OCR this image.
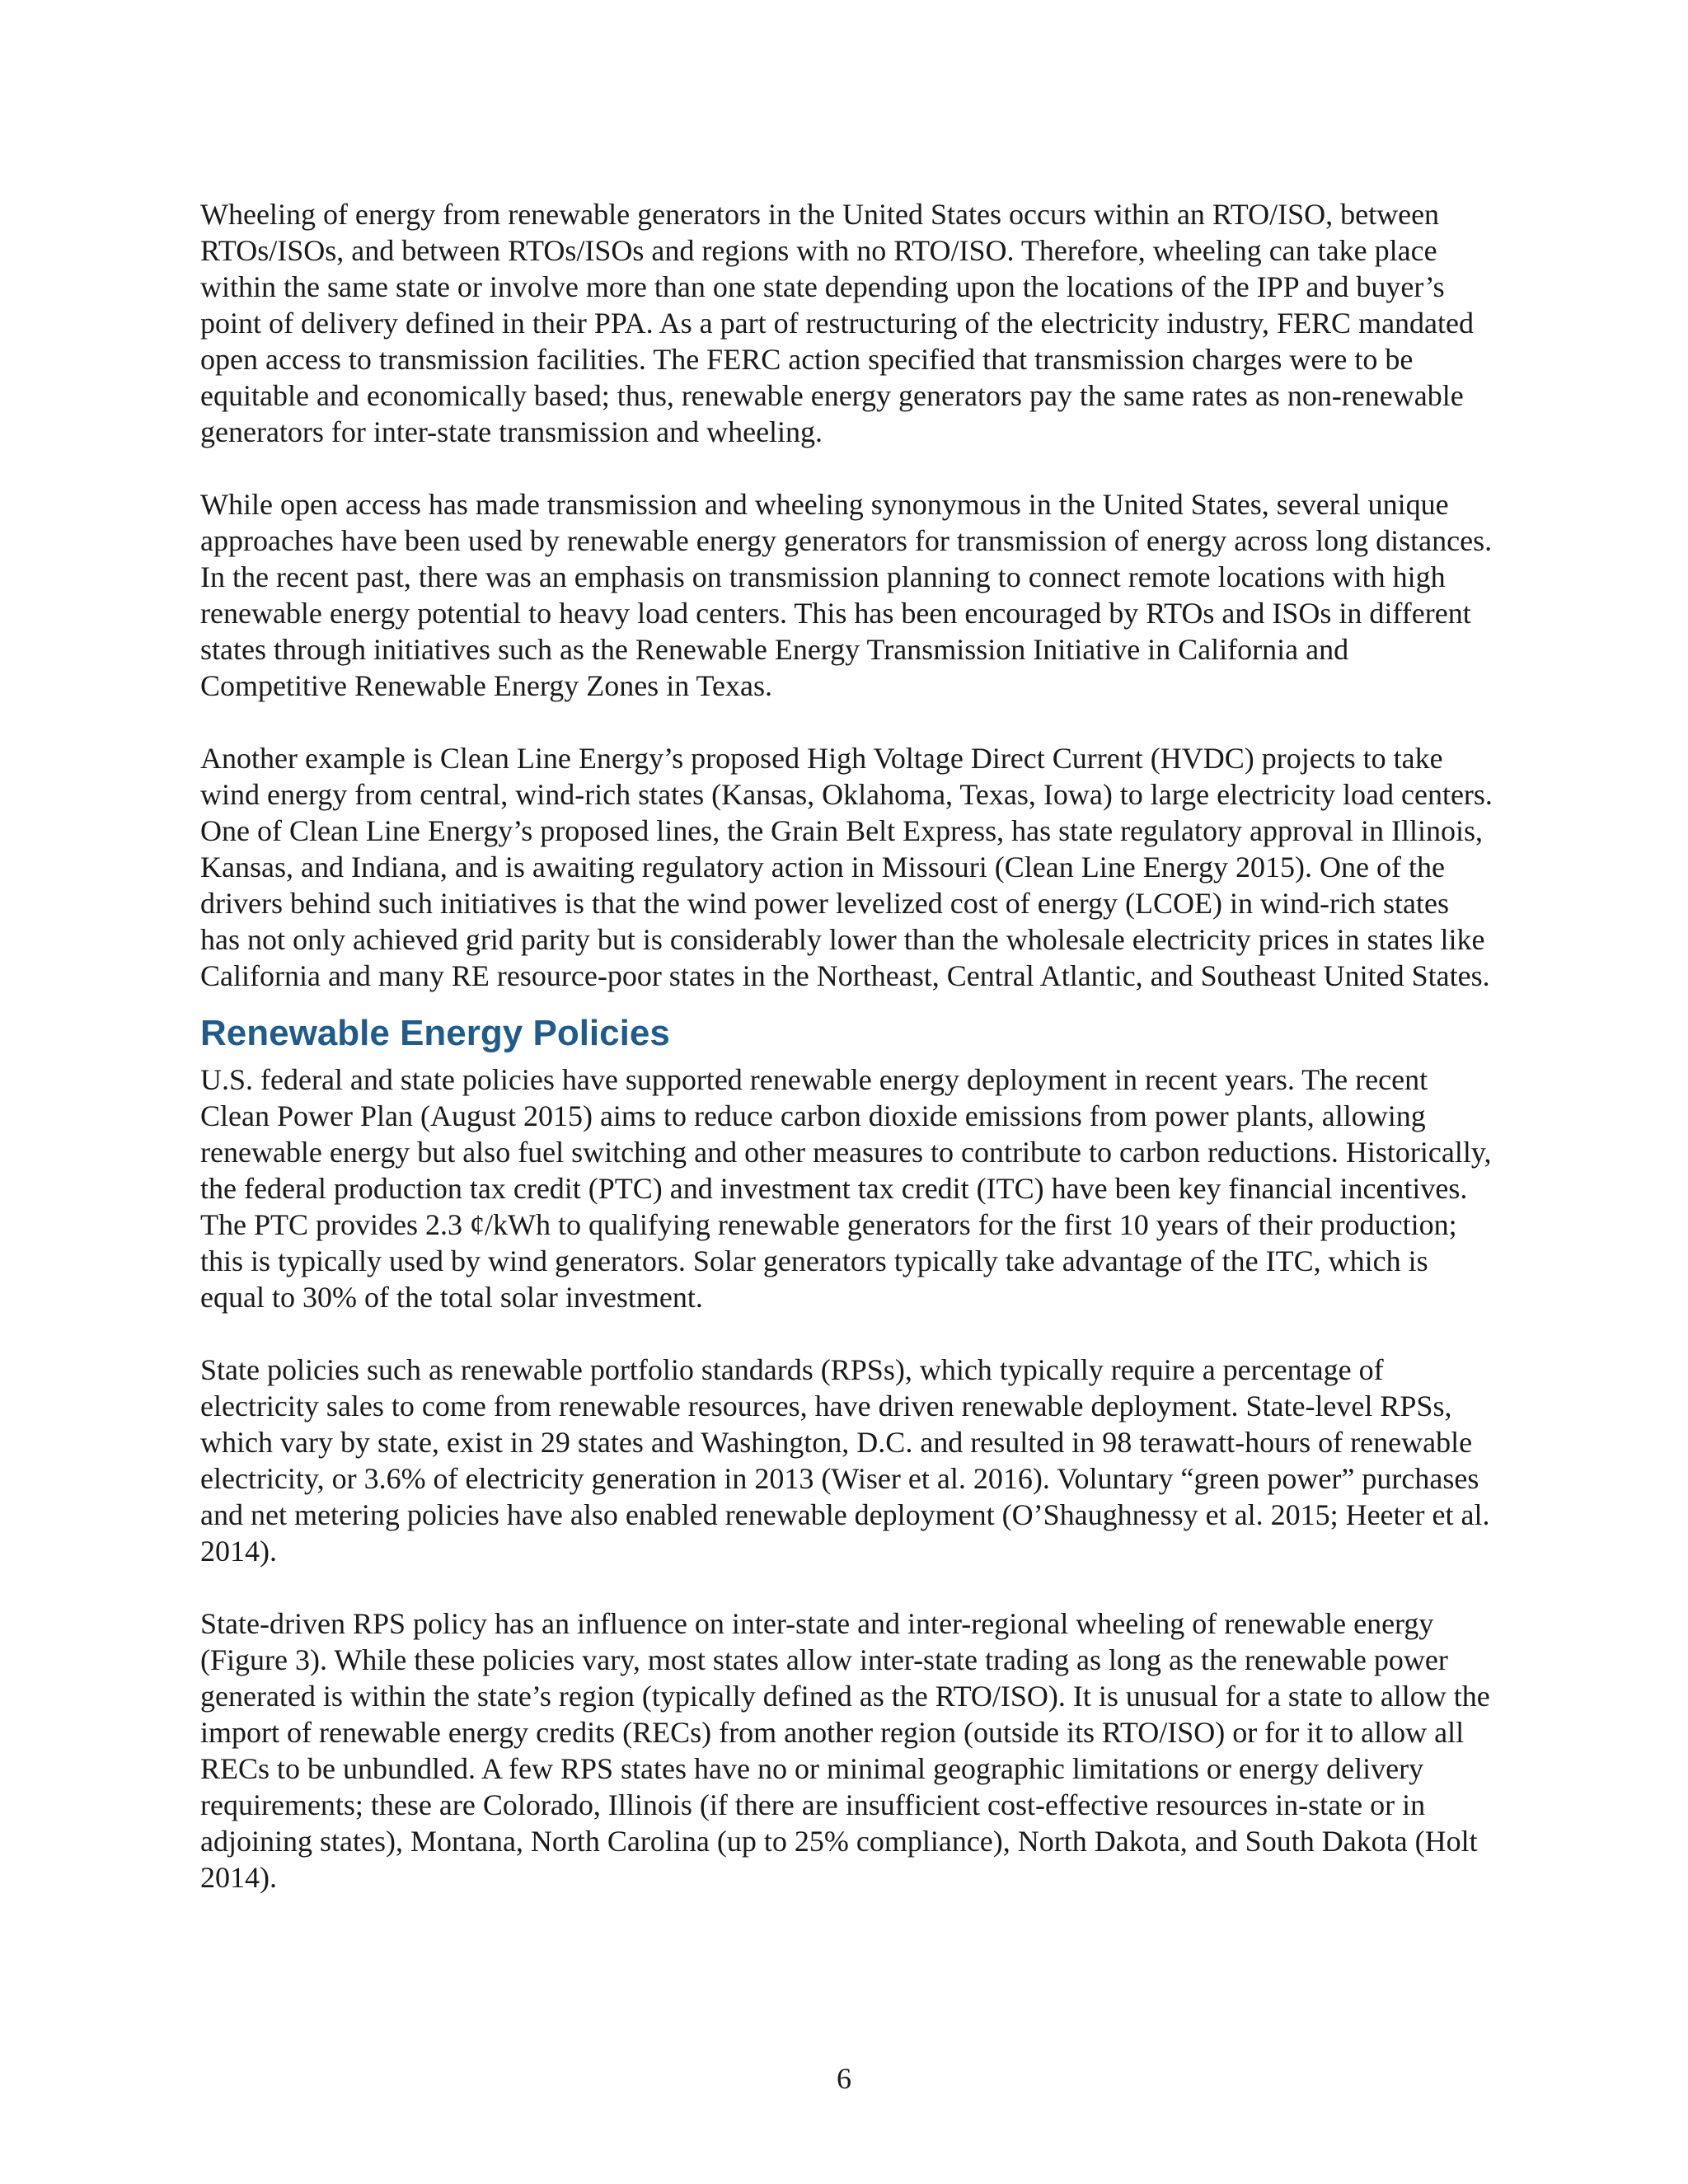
Wheeling of energy from renewable generators in the United States occurs within an RTO/ISO, between RTOs/ISOs, and between RTOs/ISOs and regions with no RTO/ISO. Therefore, wheeling can take place within the same state or involve more than one state depending upon the locations of the IPP and buyer’s point of delivery defined in their PPA. As a part of restructuring of the electricity industry, FERC mandated open access to transmission facilities. The FERC action specified that transmission charges were to be equitable and economically based; thus, renewable energy generators pay the same rates as non-renewable generators for inter-state transmission and wheeling.

While open access has made transmission and wheeling synonymous in the United States, several unique approaches have been used by renewable energy generators for transmission of energy across long distances. In the recent past, there was an emphasis on transmission planning to connect remote locations with high renewable energy potential to heavy load centers. This has been encouraged by RTOs and ISOs in different states through initiatives such as the Renewable Energy Transmission Initiative in California and Competitive Renewable Energy Zones in Texas.

Another example is Clean Line Energy’s proposed High Voltage Direct Current (HVDC) projects to take wind energy from central, wind-rich states (Kansas, Oklahoma, Texas, Iowa) to large electricity load centers. One of Clean Line Energy’s proposed lines, the Grain Belt Express, has state regulatory approval in Illinois, Kansas, and Indiana, and is awaiting regulatory action in Missouri (Clean Line Energy 2015). One of the drivers behind such initiatives is that the wind power levelized cost of energy (LCOE) in wind-rich states has not only achieved grid parity but is considerably lower than the wholesale electricity prices in states like California and many RE resource-poor states in the Northeast, Central Atlantic, and Southeast United States.

Renewable Energy Policies

U.S. federal and state policies have supported renewable energy deployment in recent years. The recent Clean Power Plan (August 2015) aims to reduce carbon dioxide emissions from power plants, allowing renewable energy but also fuel switching and other measures to contribute to carbon reductions. Historically, the federal production tax credit (PTC) and investment tax credit (ITC) have been key financial incentives. The PTC provides 2.3 ¢/kWh to qualifying renewable generators for the first 10 years of their production; this is typically used by wind generators. Solar generators typically take advantage of the ITC, which is equal to 30% of the total solar investment.

State policies such as renewable portfolio standards (RPSs), which typically require a percentage of electricity sales to come from renewable resources, have driven renewable deployment. State-level RPSs, which vary by state, exist in 29 states and Washington, D.C. and resulted in 98 terawatt-hours of renewable electricity, or 3.6% of electricity generation in 2013 (Wiser et al. 2016). Voluntary “green power” purchases and net metering policies have also enabled renewable deployment (O’Shaughnessy et al. 2015; Heeter et al. 2014).

State-driven RPS policy has an influence on inter-state and inter-regional wheeling of renewable energy (Figure 3). While these policies vary, most states allow inter-state trading as long as the renewable power generated is within the state’s region (typically defined as the RTO/ISO). It is unusual for a state to allow the import of renewable energy credits (RECs) from another region (outside its RTO/ISO) or for it to allow all RECs to be unbundled. A few RPS states have no or minimal geographic limitations or energy delivery requirements; these are Colorado, Illinois (if there are insufficient cost-effective resources in-state or in adjoining states), Montana, North Carolina (up to 25% compliance), North Dakota, and South Dakota (Holt 2014).

6
